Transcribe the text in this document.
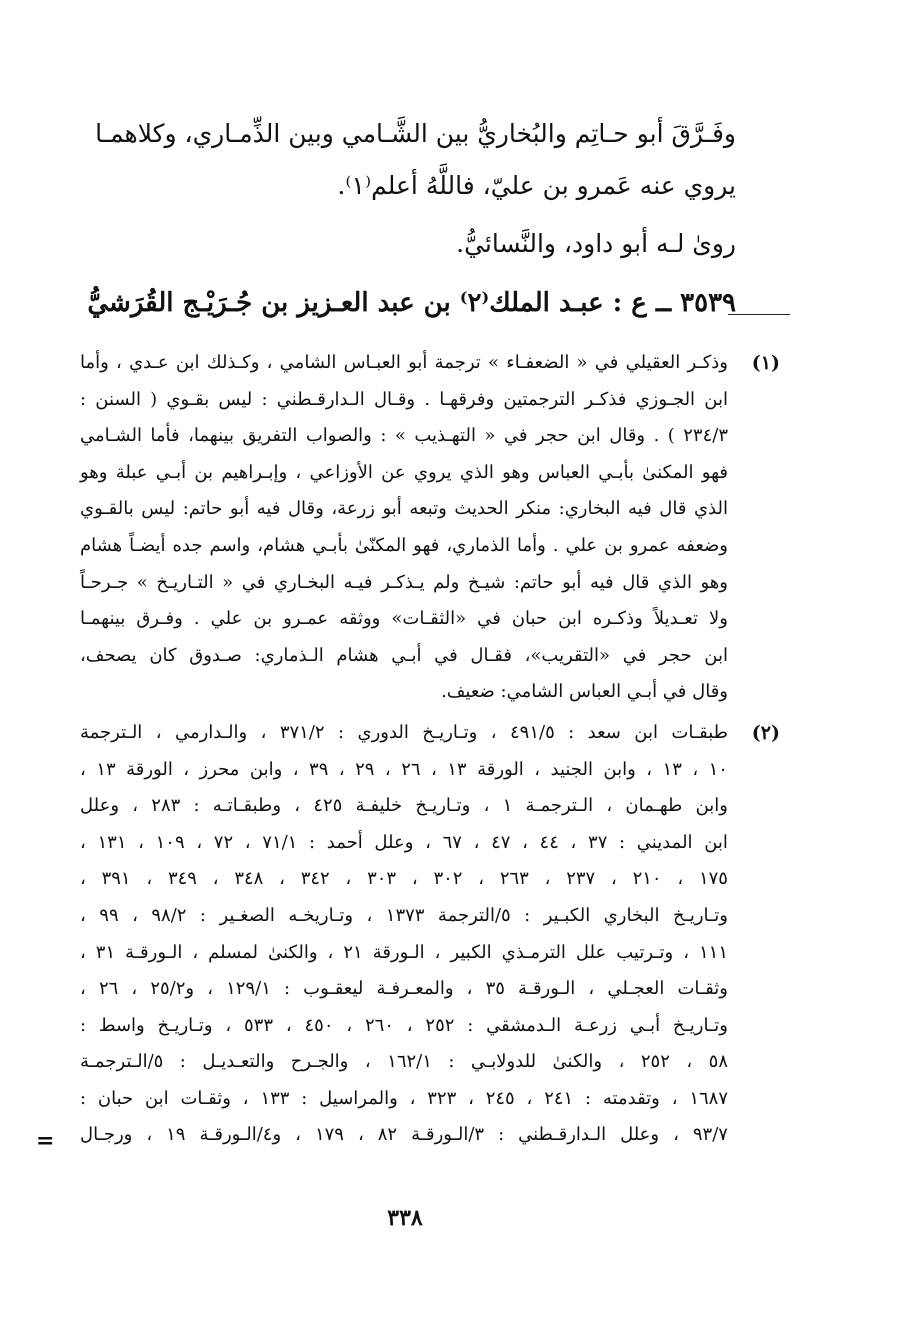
وفَـرَّقَ أبو حـاتِم والبُخاريُّ بين الشَّـامي وبين الذِّمـاري، وكلاهمـا
يروي عنه عَمرو بن عليّ، فاللَّهُ أعلم⁽١⁾.
روىٰ لـه أبو داود، والنَّسائيُّ.
٣٥٣٩ ــ ع : عبـد الملك⁽٢⁾ بن عبد العـزيز بن جُـرَيْـج القُرَشيُّ
(١)
وذكـر العقيلي في « الضعفـاء » ترجمة أبو العبـاس الشامي ، وكـذلك ابن عـدي ، وأما
ابن الجـوزي فذكـر الترجمتين وفرقهـا . وقـال الـدارقـطني : ليس بقـوي ( السنن :
٢٣٤/٣ ) . وقال ابن حجر في « التهـذيب » : والصواب التفريق بينهما، فأما الشـامي
فهو المكنىٰ بأبـي العباس وهو الذي يروي عن الأوزاعي ، وإبـراهيم بن أبـي عبلة وهو
الذي قال فيه البخاري: منكر الحديث وتبعه أبو زرعة، وقال فيه أبو حاتم: ليس بالقـوي
وضعفه عمرو بن علي . وأما الذماري، فهو المكنّىٰ بأبـي هشام، واسم جده أيضـاً هشام
وهو الذي قال فيه أبو حاتم: شيـخ ولم يـذكـر فيـه البخـاري في « التـاريـخ » جـرحـاً
ولا تعـديلاً وذكـره ابن حبان في «الثقـات» ووثقه عمـرو بن علي . وفـرق بينهمـا
ابن حجر في «التقريب»، فقـال في أبـي هشام الـذماري: صـدوق كان يصحف،
وقال في أبـي العباس الشامي: ضعيف.
(٢)
طبقـات ابن سعد : ٤٩١/٥ ، وتـاريـخ الدوري : ٣٧١/٢ ، والـدارمي ، الـترجمة
١٠ ، ١٣ ، وابن الجنيد ، الورقة ١٣ ، ٢٦ ، ٢٩ ، ٣٩ ، وابن محرز ، الورقة ١٣ ،
وابن طهـمان ، الـترجمـة ١ ، وتـاريـخ خليفـة ٤٢٥ ، وطبقـاتـه : ٢٨٣ ، وعلل
ابن المديني : ٣٧ ، ٤٤ ، ٤٧ ، ٦٧ ، وعلل أحمد : ٧١/١ ، ٧٢ ، ١٠٩ ، ١٣١ ،
١٧٥ ، ٢١٠ ، ٢٣٧ ، ٢٦٣ ، ٣٠٢ ، ٣٠٣ ، ٣٤٢ ، ٣٤٨ ، ٣٤٩ ، ٣٩١ ،
وتـاريـخ البخاري الكبـير : ٥/الترجمة ١٣٧٣ ، وتـاريخـه الصغـير : ٩٨/٢ ، ٩٩ ،
١١١ ، وتـرتيب علل الترمـذي الكبير ، الـورقة ٢١ ، والكنىٰ لمسلم ، الـورقـة ٣١ ،
وثقـات العجـلي ، الـورقـة ٣٥ ، والمعـرفـة ليعقـوب : ١٢٩/١ ، و٢٥/٢ ، ٢٦ ،
وتـاريـخ أبـي زرعـة الـدمشقي : ٢٥٢ ، ٢٦٠ ، ٤٥٠ ، ٥٣٣ ، وتـاريـخ واسط :
٥٨ ، ٢٥٢ ، والكنىٰ للدولابـي : ١٦٢/١ ، والجـرح والتعـديـل : ٥/الـترجمـة
١٦٨٧ ، وتقدمته : ٢٤١ ، ٢٤٥ ، ٣٢٣ ، والمراسيل : ١٣٣ ، وثقـات ابن حبان :
٩٣/٧ ، وعلل الـدارقـطني : ٣/الـورقـة ٨٢ ، ١٧٩ ، و٤/الـورقـة ١٩ ، ورجـال
=
٣٣٨
